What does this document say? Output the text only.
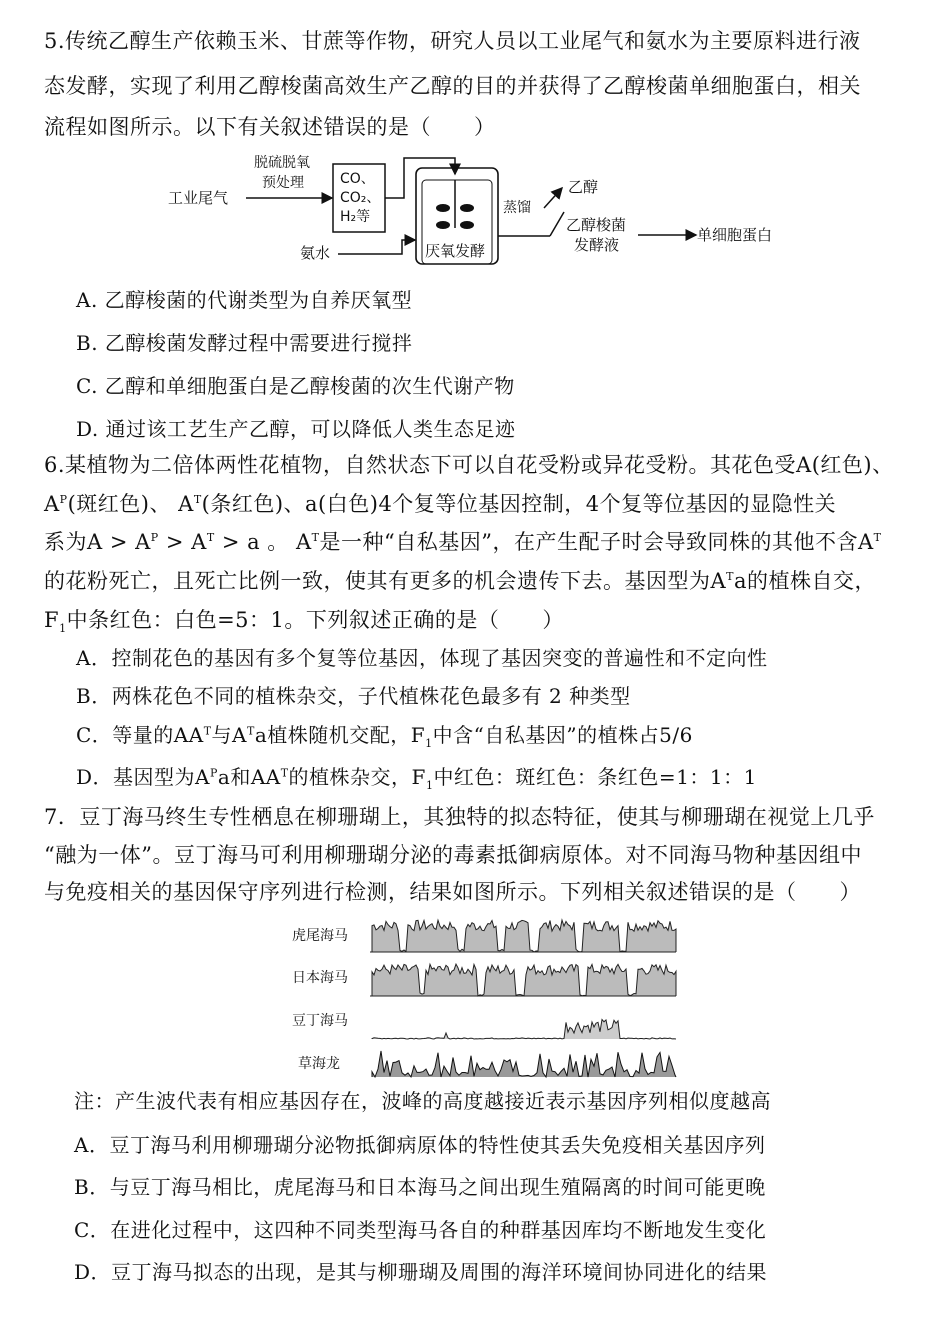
5.传统乙醇生产依赖玉米、甘蔗等作物，研究人员以工业尾气和氨水为主要原料进行液
态发酵，实现了利用乙醇梭菌高效生产乙醇的目的并获得了乙醇梭菌单细胞蛋白，相关
流程如图所示。以下有关叙述错误的是（　　）
工业尾气
脱硫脱氧
预处理	CO、
CO₂、
H₂等
氨水	厌氧发酵
蒸馏
乙醇
乙醇梭菌
发酵液
单细胞蛋白
A. 乙醇梭菌的代谢类型为自养厌氧型
B. 乙醇梭菌发酵过程中需要进行搅拌
C. 乙醇和单细胞蛋白是乙醇梭菌的次生代谢产物
D. 通过该工艺生产乙醇，可以降低人类生态足迹
6.某植物为二倍体两性花植物，自然状态下可以自花受粉或异花受粉。其花色受A(红色)、
$A^P$(斑红色)、 $A^T$(条红色)、a(白色)4个复等位基因控制，4个复等位基因的显隐性关
系为$A > A^P > A^T > a$ 。 $A^T$是一种“自私基因”，在产生配子时会导致同株的其他不含$A^T$
的花粉死亡，且死亡比例一致，使其有更多的机会遗传下去。基因型为$A^Ta$的植株自交，
$F_1$中条红色：白色=5：1。下列叙述正确的是（　　）
A．控制花色的基因有多个复等位基因，体现了基因突变的普遍性和不定向性
B．两株花色不同的植株杂交，子代植株花色最多有 2 种类型
C．等量的$AA^T$与$A^Ta$植株随机交配，$F_1$中含“自私基因”的植株占5/6
D．基因型为$A^Pa$和$AA^T$的植株杂交，$F_1$中红色：斑红色：条红色=1：1：1
7．豆丁海马终生专性栖息在柳珊瑚上，其独特的拟态特征，使其与柳珊瑚在视觉上几乎
“融为一体”。豆丁海马可利用柳珊瑚分泌的毒素抵御病原体。对不同海马物种基因组中
与免疫相关的基因保守序列进行检测，结果如图所示。下列相关叙述错误的是（　　）
虎尾海马
日本海马
豆丁海马
草海龙
注：产生波代表有相应基因存在，波峰的高度越接近表示基因序列相似度越高
A．豆丁海马利用柳珊瑚分泌物抵御病原体的特性使其丢失免疫相关基因序列
B．与豆丁海马相比，虎尾海马和日本海马之间出现生殖隔离的时间可能更晚
C．在进化过程中，这四种不同类型海马各自的种群基因库均不断地发生变化
D．豆丁海马拟态的出现，是其与柳珊瑚及周围的海洋环境间协同进化的结果
